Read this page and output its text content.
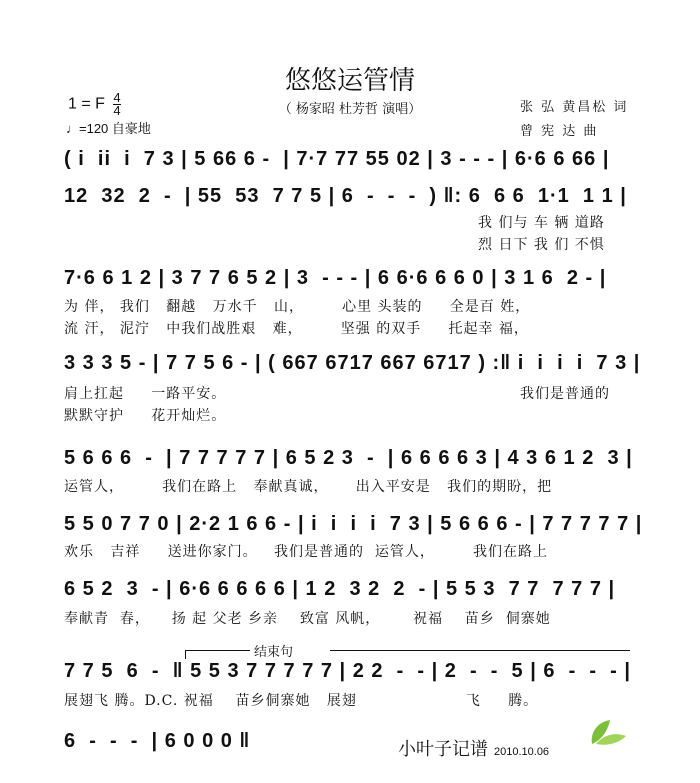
悠悠运管情
（ 杨家昭 杜芳哲 演唱）	张 弘 黄昌松 词
曾 宪 达 曲
1 = F $\frac{4}{4}$
♩=120 自豪地
( i  ii  i  7 3 | 5 66 6 -  | 7·7 77 55 02 | 3 - - - | 6·6 6 66 |
12  32  2  -  | 55  53  7 7 5 | 6  -  -  -  ) ‖: 6  6 6  1·1  1 1 |
我 们与 车 辆 道路
烈 日下 我 们 不惧
7·6 6 1 2 | 3 7 7 6 5 2 | 3  - - - | 6 6·6 6 6 0 | 3 1 6  2 - |
为 伴， 我们   翻越   万水千   山，       心里 头装的     全是百 姓，
流 汗， 泥泞   中我们战胜艰   难，       坚强 的双手     托起幸 福，
3 3 3 5 - | 7 7 5 6 - | ( 667 6717 667 6717 ) :‖ i  i  i  i  7 3 |
肩上扛起     一路平安。
默默守护     花开灿烂。
我们是普通的
5 6 6 6  -  | 7 7 7 7 7 | 6 5 2 3  -  | 6 6 6 6 3 | 4 3 6 1 2  3 |
运管人，       我们在路上   奉献真诚，     出入平安是   我们的期盼，把
5 5 0 7 7 0 | 2·2 1 6 6 - | i  i  i  i  7 3 | 5 6 6 6 - | 7 7 7 7 7 |
欢乐   吉祥     送进你家门。   我们是普通的  运管人，       我们在路上
6 5 2  3  - | 6·6 6 6 6 6 | 1 2  3 2  2  - | 5 5 3  7 7  7 7 7 |
奉献青  春，    扬 起 父老 乡亲    致富 风帆，      祝福    苗乡  侗寨她
结束句
7 7 5  6  -  ‖ 5 5 3 7 7 7 7 7 | 2 2  -  - | 2  -  -  5 | 6  -  -  - |
展翅飞 腾。D.C. 祝福    苗乡侗寨她   展翅                    飞     腾。
6  -  -  -  | 6 0 0 0 ‖	小叶子记谱 2010.10.06
